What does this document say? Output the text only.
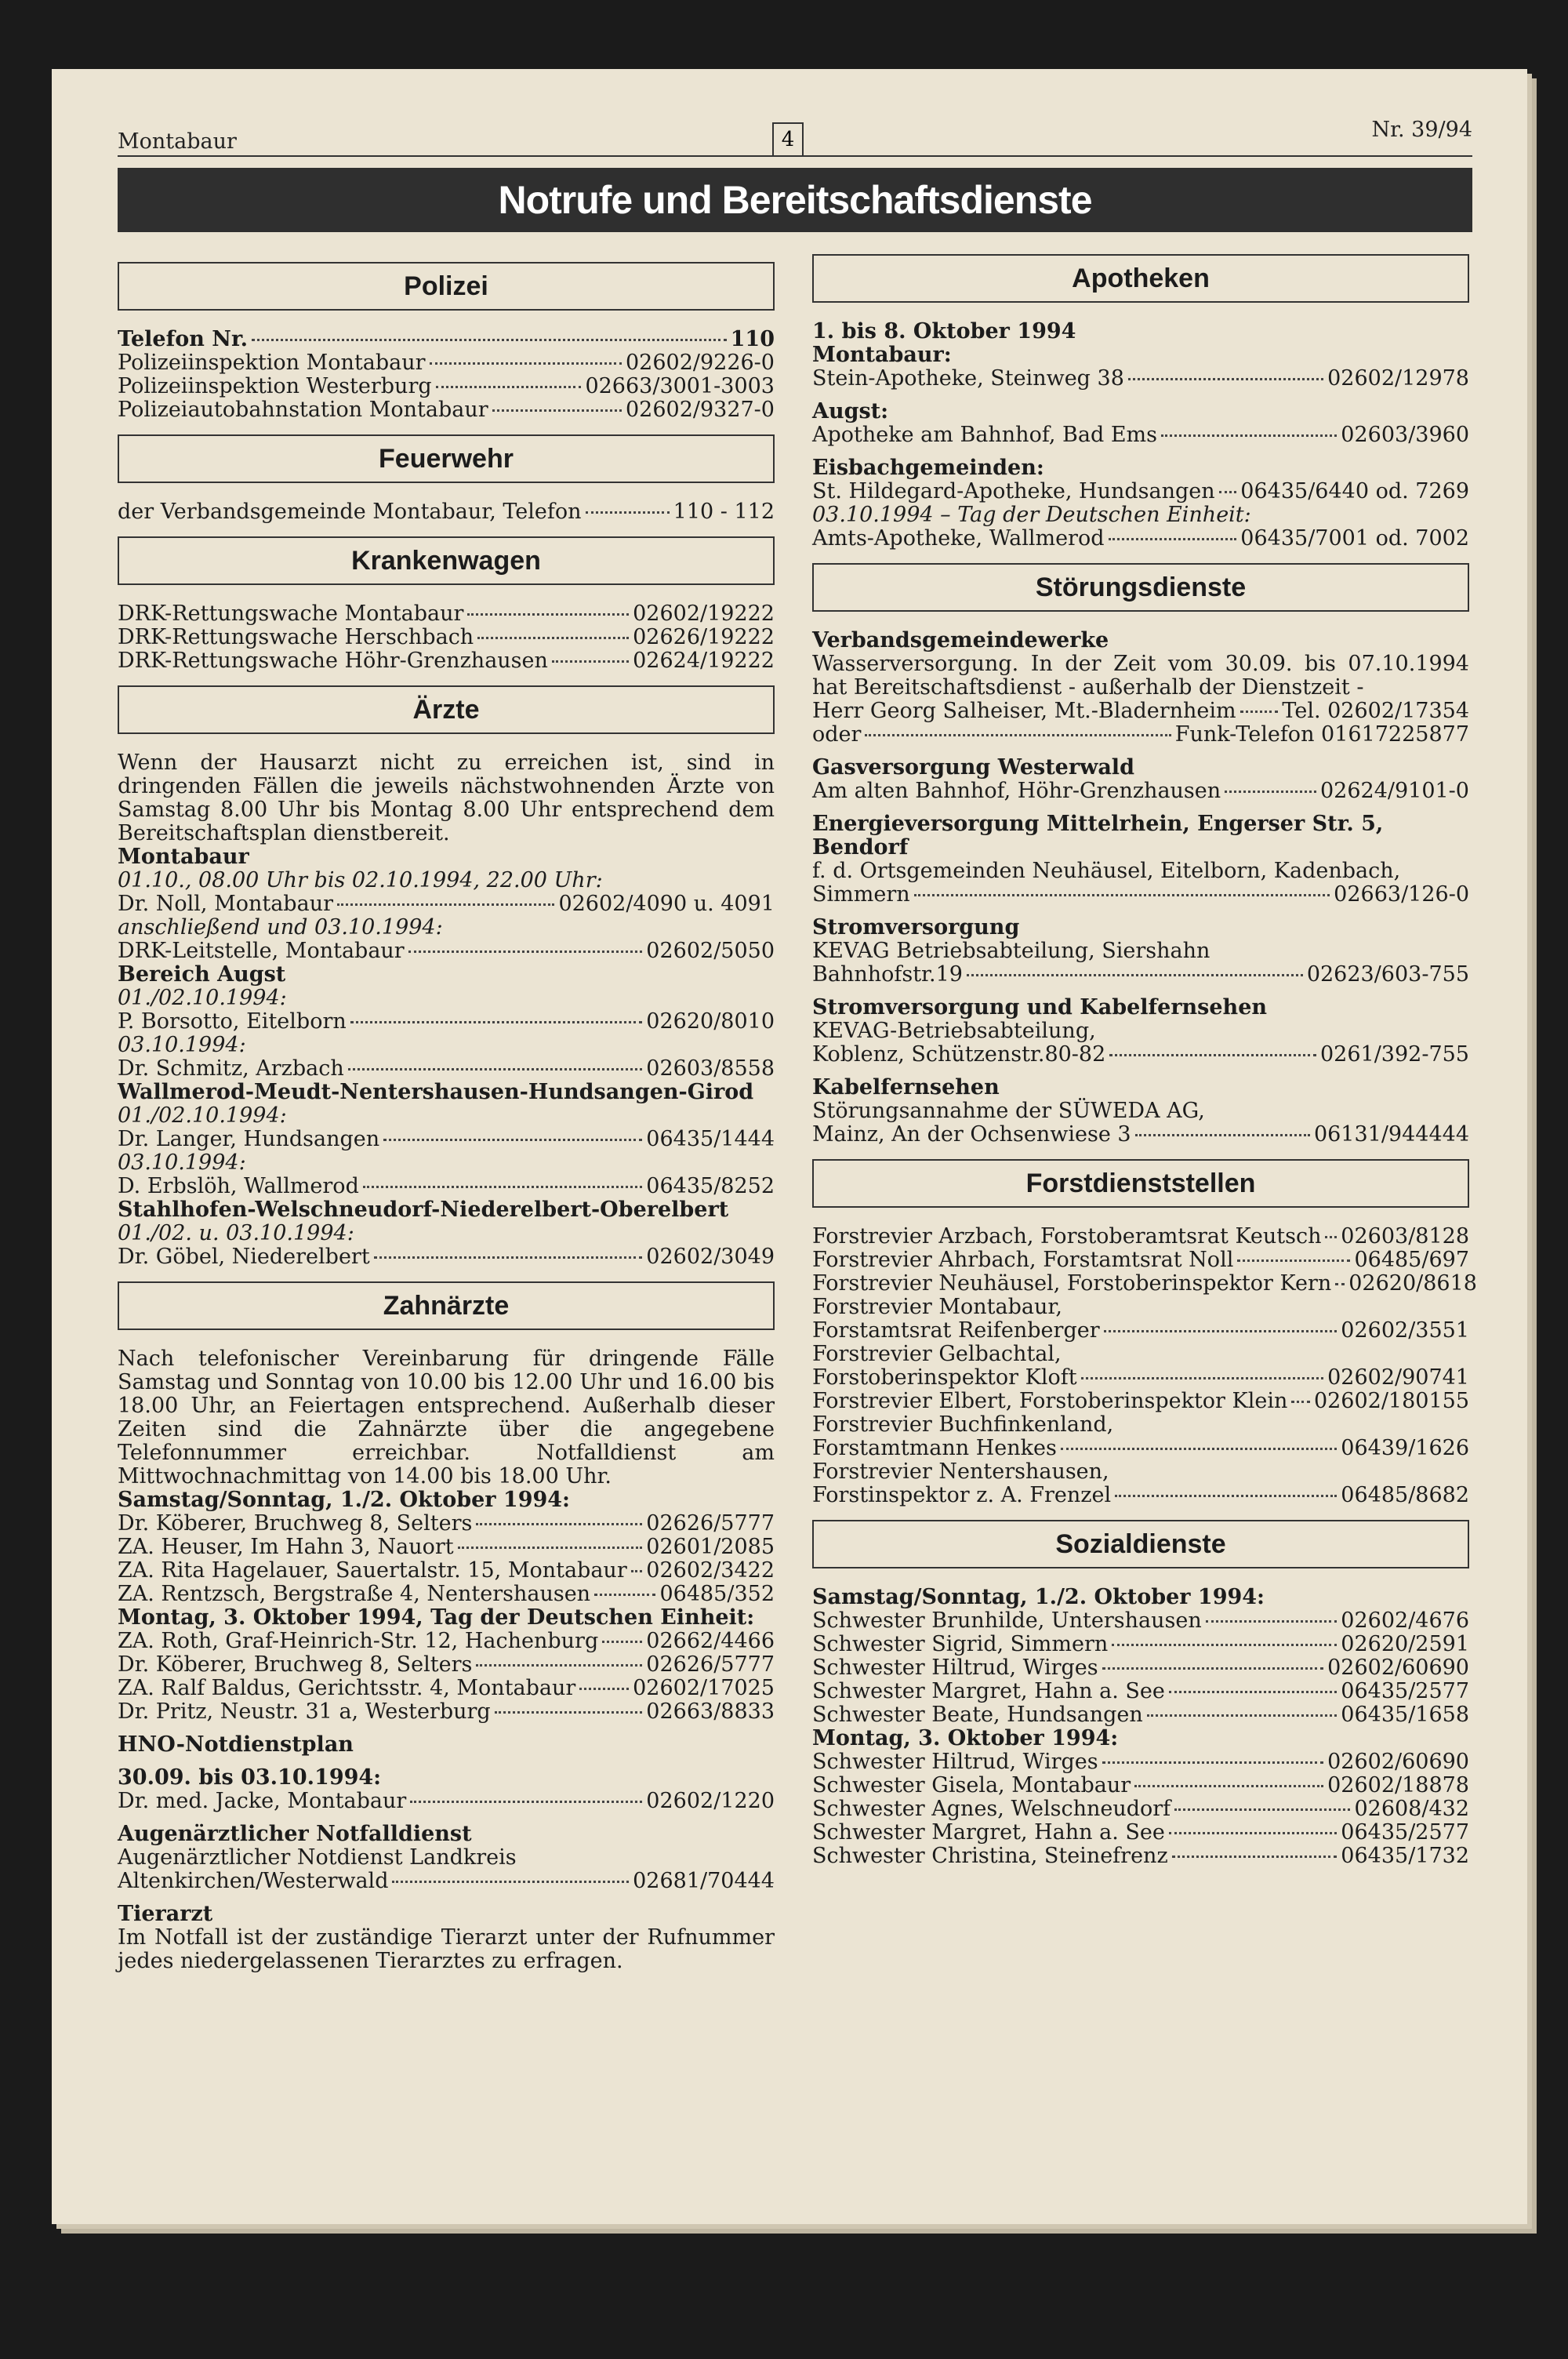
Montabaur	4	Nr. 39/94
Notrufe und Bereitschaftsdienste
Polizei
Telefon Nr.	110
Polizeiinspektion Montabaur	02602/9226-0
Polizeiinspektion Westerburg	02663/3001-3003
Polizeiautobahnstation Montabaur	02602/9327-0
Feuerwehr
der Verbandsgemeinde Montabaur, Telefon	110 - 112
Krankenwagen
DRK-Rettungswache Montabaur	02602/19222
DRK-Rettungswache Herschbach	02626/19222
DRK-Rettungswache Höhr-Grenzhausen	02624/19222
Ärzte
Wenn der Hausarzt nicht zu erreichen ist, sind in dringenden Fällen die jeweils nächstwohnenden Ärzte von Samstag 8.00 Uhr bis Montag 8.00 Uhr entsprechend dem Bereitschaftsplan dienstbereit.
Montabaur
01.10., 08.00 Uhr bis 02.10.1994, 22.00 Uhr:
Dr. Noll, Montabaur	02602/4090 u. 4091
anschließend und 03.10.1994:
DRK-Leitstelle, Montabaur	02602/5050
Bereich Augst
01./02.10.1994:
P. Borsotto, Eitelborn	02620/8010
03.10.1994:
Dr. Schmitz, Arzbach	02603/8558
Wallmerod-Meudt-Nentershausen-Hundsangen-Girod
01./02.10.1994:
Dr. Langer, Hundsangen	06435/1444
03.10.1994:
D. Erbslöh, Wallmerod	06435/8252
Stahlhofen-Welschneudorf-Niederelbert-Oberelbert
01./02. u. 03.10.1994:
Dr. Göbel, Niederelbert	02602/3049
Zahnärzte
Nach telefonischer Vereinbarung für dringende Fälle Samstag und Sonntag von 10.00 bis 12.00 Uhr und 16.00 bis 18.00 Uhr, an Feiertagen entsprechend. Außerhalb dieser Zeiten sind die Zahnärzte über die angegebene Telefonnummer erreichbar. Notfalldienst am Mittwochnachmittag von 14.00 bis 18.00 Uhr.
Samstag/Sonntag, 1./2. Oktober 1994:
Dr. Köberer, Bruchweg 8, Selters	02626/5777
ZA. Heuser, Im Hahn 3, Nauort	02601/2085
ZA. Rita Hagelauer, Sauertalstr. 15, Montabaur 02602/3422
ZA. Rentzsch, Bergstraße 4, Nentershausen	06485/352
Montag, 3. Oktober 1994, Tag der Deutschen Einheit:
ZA. Roth, Graf-Heinrich-Str. 12, Hachenburg 02662/4466
Dr. Köberer, Bruchweg 8, Selters	02626/5777
ZA. Ralf Baldus, Gerichtsstr. 4, Montabaur	02602/17025
Dr. Pritz, Neustr. 31 a, Westerburg	02663/8833
HNO-Notdienstplan
30.09. bis 03.10.1994:
Dr. med. Jacke, Montabaur	02602/1220
Augenärztlicher Notfalldienst
Augenärztlicher Notdienst Landkreis
Altenkirchen/Westerwald	02681/70444
Tierarzt
Im Notfall ist der zuständige Tierarzt unter der Rufnummer jedes niedergelassenen Tierarztes zu erfragen.
Apotheken
1. bis 8. Oktober 1994
Montabaur:
Stein-Apotheke, Steinweg 38	02602/12978
Augst:
Apotheke am Bahnhof, Bad Ems	02603/3960
Eisbachgemeinden:
St. Hildegard-Apotheke, Hundsangen 06435/6440 od. 7269
03.10.1994 – Tag der Deutschen Einheit:
Amts-Apotheke, Wallmerod	06435/7001 od. 7002
Störungsdienste
Verbandsgemeindewerke
Wasserversorgung. In der Zeit vom 30.09. bis 07.10.1994 hat Bereitschaftsdienst - außerhalb der Dienstzeit -
Herr Georg Salheiser, Mt.-Bladernheim Tel. 02602/17354
oder	Funk-Telefon 01617225877
Gasversorgung Westerwald
Am alten Bahnhof, Höhr-Grenzhausen	02624/9101-0
Energieversorgung Mittelrhein, Engerser Str. 5, Bendorf
f. d. Ortsgemeinden Neuhäusel, Eitelborn, Kadenbach,
Simmern	02663/126-0
Stromversorgung
KEVAG Betriebsabteilung, Siershahn
Bahnhofstr.19	02623/603-755
Stromversorgung und Kabelfernsehen
KEVAG-Betriebsabteilung,
Koblenz, Schützenstr.80-82	0261/392-755
Kabelfernsehen
Störungsannahme der SÜWEDA AG,
Mainz, An der Ochsenwiese 3	06131/944444
Forstdienststellen
Forstrevier Arzbach, Forstoberamtsrat Keutsch 02603/8128
Forstrevier Ahrbach, Forstamtsrat Noll	06485/697
Forstrevier Neuhäusel, Forstoberinspektor Kern 02620/8618
Forstrevier Montabaur,
Forstamtsrat Reifenberger	02602/3551
Forstrevier Gelbachtal,
Forstoberinspektor Kloft	02602/90741
Forstrevier Elbert, Forstoberinspektor Klein 02602/180155
Forstrevier Buchfinkenland,
Forstamtmann Henkes	06439/1626
Forstrevier Nentershausen,
Forstinspektor z. A. Frenzel	06485/8682
Sozialdienste
Samstag/Sonntag, 1./2. Oktober 1994:
Schwester Brunhilde, Untershausen	02602/4676
Schwester Sigrid, Simmern	02620/2591
Schwester Hiltrud, Wirges	02602/60690
Schwester Margret, Hahn a. See	06435/2577
Schwester Beate, Hundsangen	06435/1658
Montag, 3. Oktober 1994:
Schwester Hiltrud, Wirges	02602/60690
Schwester Gisela, Montabaur	02602/18878
Schwester Agnes, Welschneudorf	02608/432
Schwester Margret, Hahn a. See	06435/2577
Schwester Christina, Steinefrenz	06435/1732
